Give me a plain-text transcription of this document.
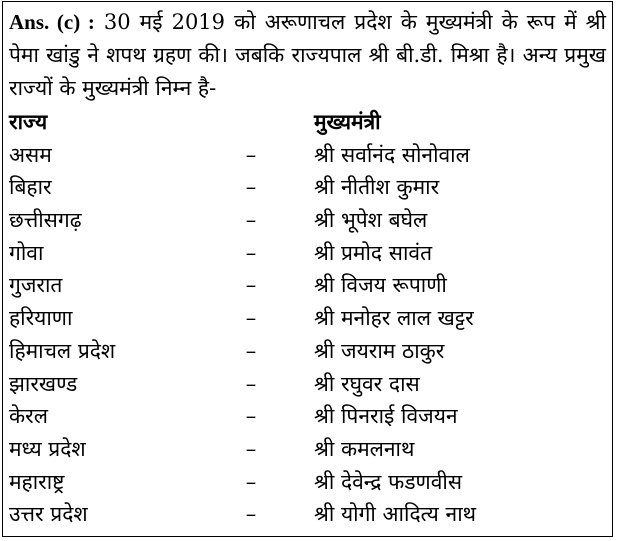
Ans. (c) : 30 मई 2019 को अरूणाचल प्रदेश के मुख्यमंत्री के रूप में श्री पेमा खांडु ने शपथ ग्रहण की। जबकि राज्यपाल श्री बी.डी. मिश्रा है। अन्य प्रमुख राज्यों के मुख्यमंत्री निम्न है-
राज्य	मुख्यमंत्री
असम	–	श्री सर्वानंद सोनोवाल
बिहार	–	श्री नीतीश कुमार
छत्तीसगढ़	–	श्री भूपेश बघेल
गोवा	–	श्री प्रमोद सावंत
गुजरात	–	श्री विजय रूपाणी
हरियाणा	–	श्री मनोहर लाल खट्टर
हिमाचल प्रदेश	–	श्री जयराम ठाकुर
झारखण्ड	–	श्री रघुवर दास
केरल	–	श्री पिनराई विजयन
मध्य प्रदेश	–	श्री कमलनाथ
महाराष्ट्र	–	श्री देवेन्द्र फडणवीस
उत्तर प्रदेश	–	श्री योगी आदित्य नाथ
